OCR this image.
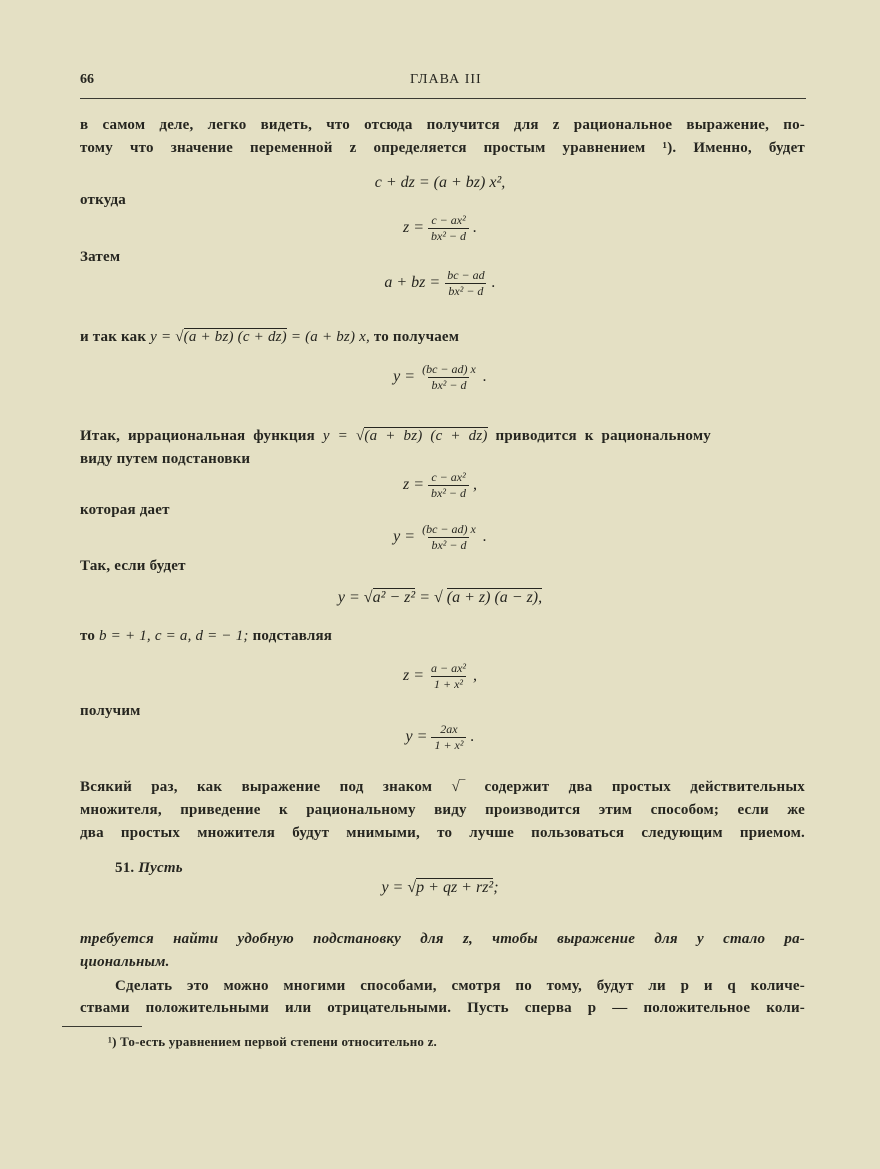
66	ГЛАВА III
в самом деле, легко видеть, что отсюда получится для z рациональное выражение, по-
тому что значение переменной z определяется простым уравнением ¹). Именно, будет
c + dz = (a + bz) x²,
откуда
$z = \frac{\text{c − ax²}}{\text{bx² − d}}$ .
Затем
a + bz = $\frac{bc - ad}{\text{bx² − d}}$ .
и так как y = √(a + bz) (c + dz) = (a + bz) x, то получаем
$y = \frac{(bc - ad) x}{\text{bx² − d}}$ .
Итак, иррациональная функция y = √(a + bz) (c + dz) приводится к рациональному
виду путем подстановки
$z = \frac{\text{c − ax²}}{\text{bx² − d}}$ ,
которая дает
$y = \frac{(bc - ad) x}{\text{bx² − d}}$ .
Так, если будет
y = √a² − z² = √ (a + z) (a − z),
то b = + 1, c = a, d = − 1; подставляя
$z = \frac{\text{a − ax²}}{\text{1 + x²}}$ ,
получим
$y = \frac{2ax}{\text{1 + x²}}$ .
Всякий раз, как выражение под знаком √‾ содержит два простых действительных
множителя, приведение к рациональному виду производится этим способом; если же
два простых множителя будут мнимыми, то лучше пользоваться следующим приемом.
51. Пусть
y = √p + qz + rz²;
требуется найти удобную подстановку для z, чтобы выражение для y стало ра-
циональным.
Сделать это можно многими способами, смотря по тому, будут ли p и q количе-
ствами положительными или отрицательными. Пусть сперва p — положительное коли-
¹) То-есть уравнением первой степени относительно z.
